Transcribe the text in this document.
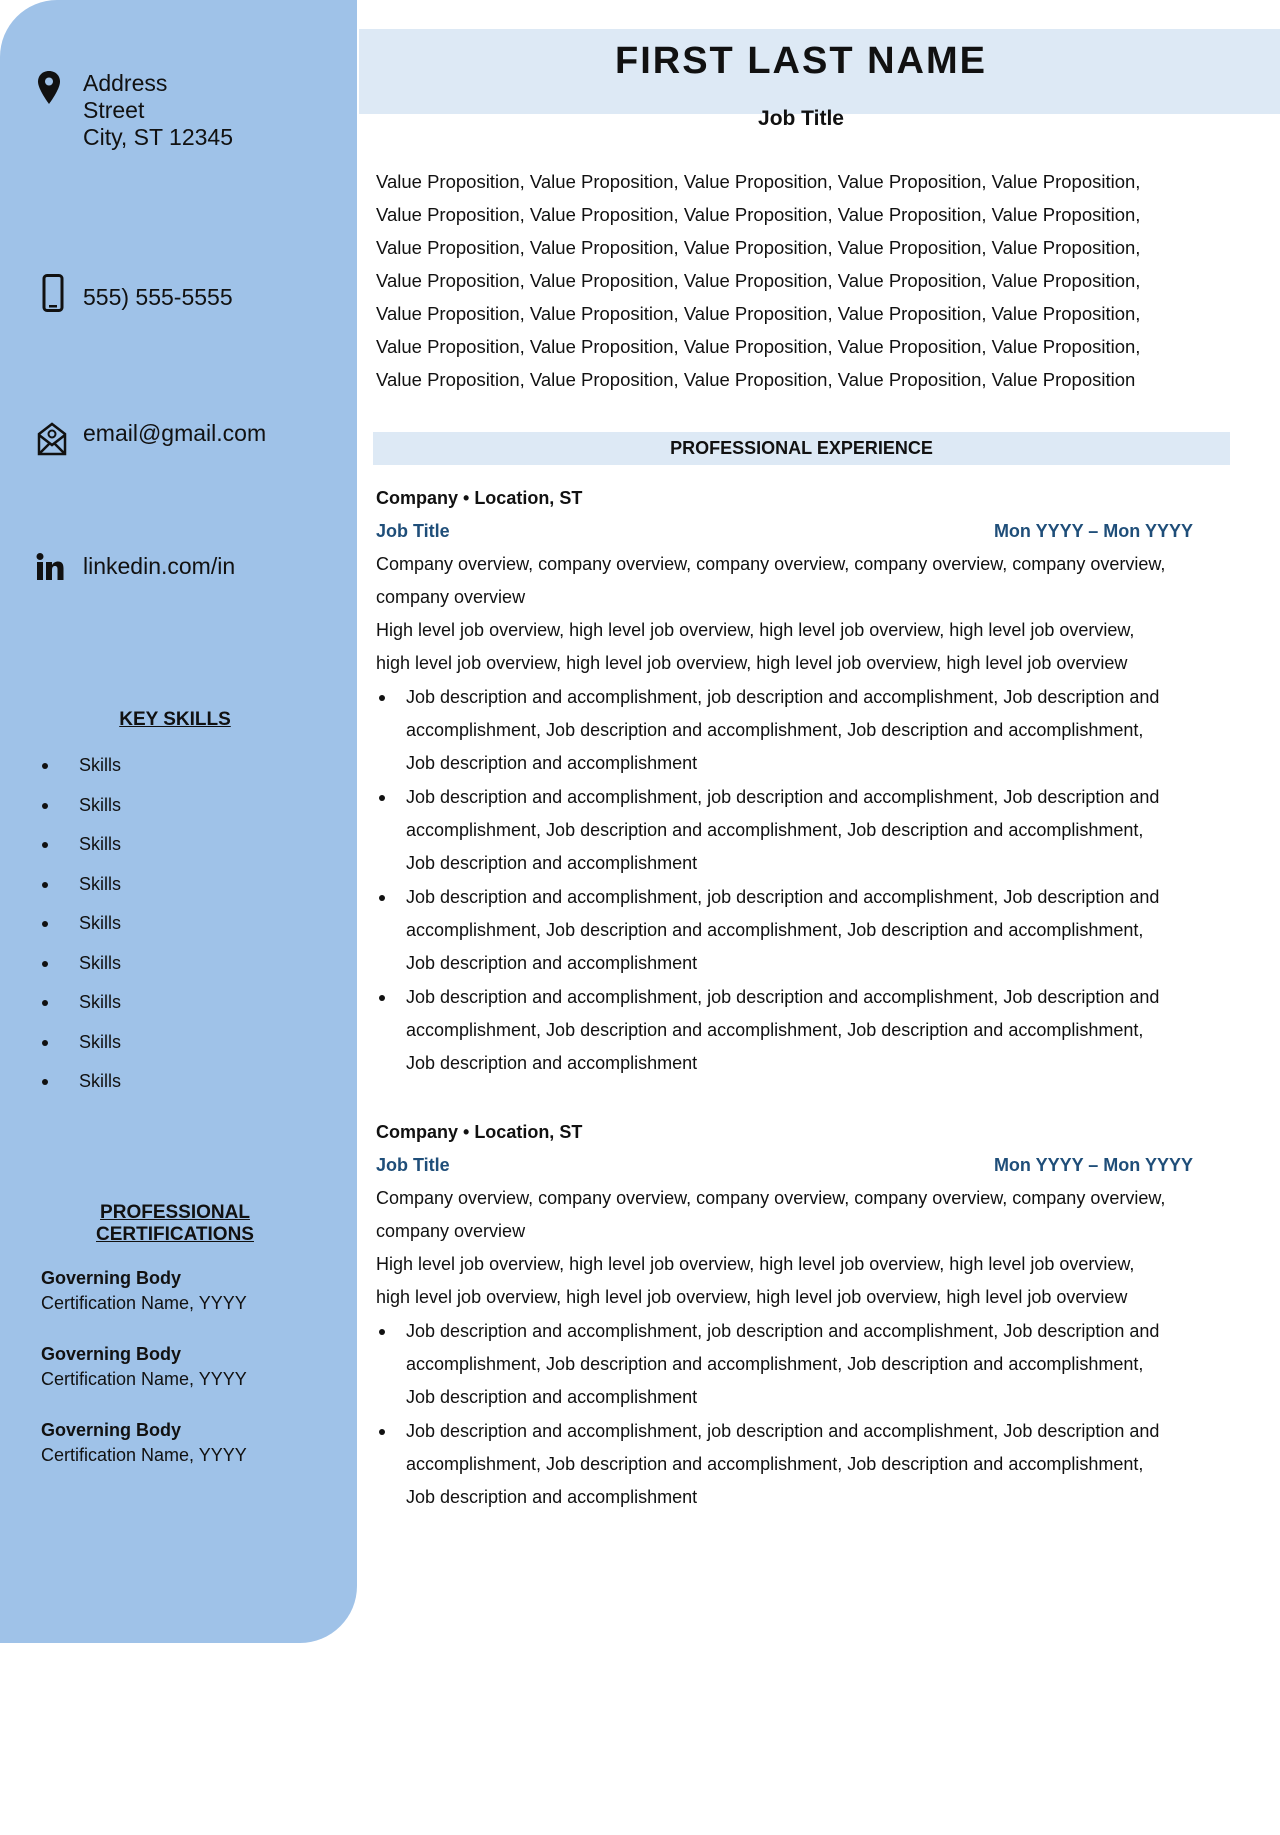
Address
Street
City, ST 12345
555) 555-5555
email@gmail.com
linkedin.com/in
KEY SKILLS
Skills
Skills
Skills
Skills
Skills
Skills
Skills
Skills
Skills
PROFESSIONAL
CERTIFICATIONS
Governing Body
Certification Name, YYYY
Governing Body
Certification Name, YYYY
Governing Body
Certification Name, YYYY
FIRST LAST NAME
Job Title
Value Proposition, Value Proposition, Value Proposition, Value Proposition, Value Proposition,
Value Proposition, Value Proposition, Value Proposition, Value Proposition, Value Proposition,
Value Proposition, Value Proposition, Value Proposition, Value Proposition, Value Proposition,
Value Proposition, Value Proposition, Value Proposition, Value Proposition, Value Proposition,
Value Proposition, Value Proposition, Value Proposition, Value Proposition, Value Proposition,
Value Proposition, Value Proposition, Value Proposition, Value Proposition, Value Proposition,
Value Proposition, Value Proposition, Value Proposition, Value Proposition, Value Proposition
PROFESSIONAL EXPERIENCE
Company • Location, ST
Job Title	Mon YYYY – Mon YYYY
Company overview, company overview, company overview, company overview, company overview,
company overview
High level job overview, high level job overview, high level job overview, high level job overview,
high level job overview, high level job overview, high level job overview, high level job overview
Job description and accomplishment, job description and accomplishment, Job description and
accomplishment, Job description and accomplishment, Job description and accomplishment,
Job description and accomplishment
Job description and accomplishment, job description and accomplishment, Job description and
accomplishment, Job description and accomplishment, Job description and accomplishment,
Job description and accomplishment
Job description and accomplishment, job description and accomplishment, Job description and
accomplishment, Job description and accomplishment, Job description and accomplishment,
Job description and accomplishment
Job description and accomplishment, job description and accomplishment, Job description and
accomplishment, Job description and accomplishment, Job description and accomplishment,
Job description and accomplishment
Company • Location, ST
Job Title	Mon YYYY – Mon YYYY
Company overview, company overview, company overview, company overview, company overview,
company overview
High level job overview, high level job overview, high level job overview, high level job overview,
high level job overview, high level job overview, high level job overview, high level job overview
Job description and accomplishment, job description and accomplishment, Job description and
accomplishment, Job description and accomplishment, Job description and accomplishment,
Job description and accomplishment
Job description and accomplishment, job description and accomplishment, Job description and
accomplishment, Job description and accomplishment, Job description and accomplishment,
Job description and accomplishment
